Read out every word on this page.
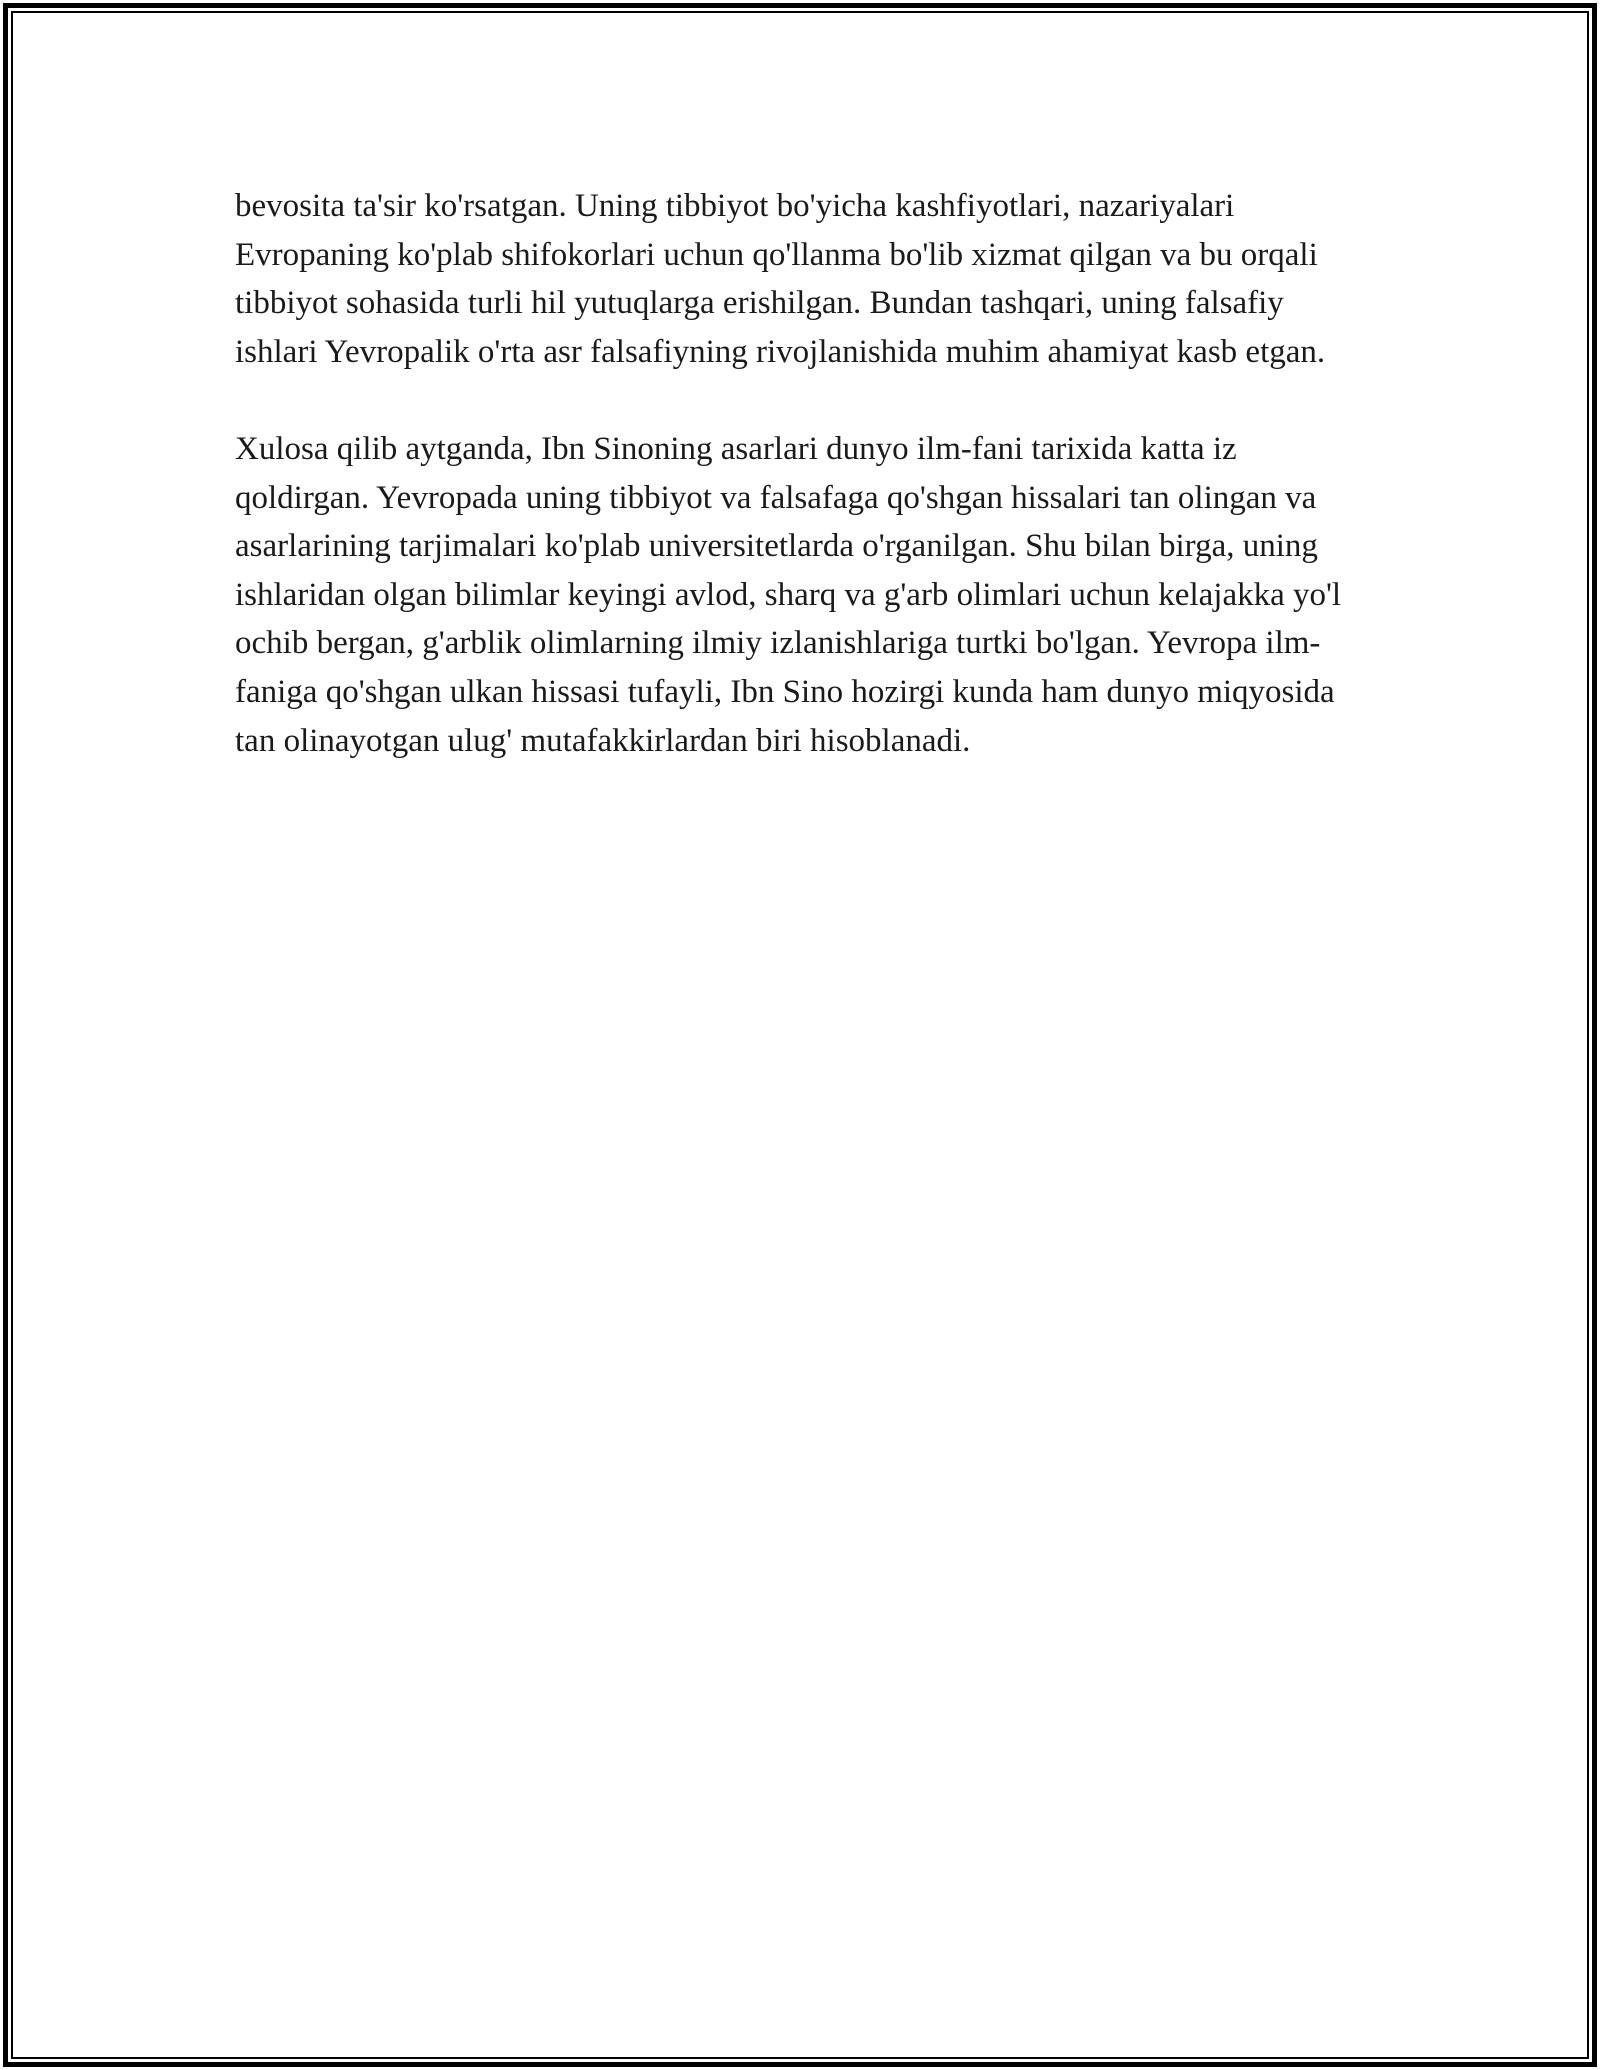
bevosita ta'sir ko'rsatgan. Uning tibbiyot bo'yicha kashfiyotlari, nazariyalari Evropaning ko'plab shifokorlari uchun qo'llanma bo'lib xizmat qilgan va bu orqali tibbiyot sohasida turli hil yutuqlarga erishilgan. Bundan tashqari, uning falsafiy ishlari Yevropalik o'rta asr falsafiyning rivojlanishida muhim ahamiyat kasb etgan.

Xulosa qilib aytganda, Ibn Sinoning asarlari dunyo ilm-fani tarixida katta iz qoldirgan. Yevropada uning tibbiyot va falsafaga qo'shgan hissalari tan olingan va asarlarining tarjimalari ko'plab universitetlarda o'rganilgan. Shu bilan birga, uning ishlaridan olgan bilimlar keyingi avlod, sharq va g'arb olimlari uchun kelajakka yo'l ochib bergan, g'arblik olimlarning ilmiy izlanishlariga turtki bo'lgan. Yevropa ilm-faniga qo'shgan ulkan hissasi tufayli, Ibn Sino hozirgi kunda ham dunyo miqyosida tan olinayotgan ulug' mutafakkirlardan biri hisoblanadi.
